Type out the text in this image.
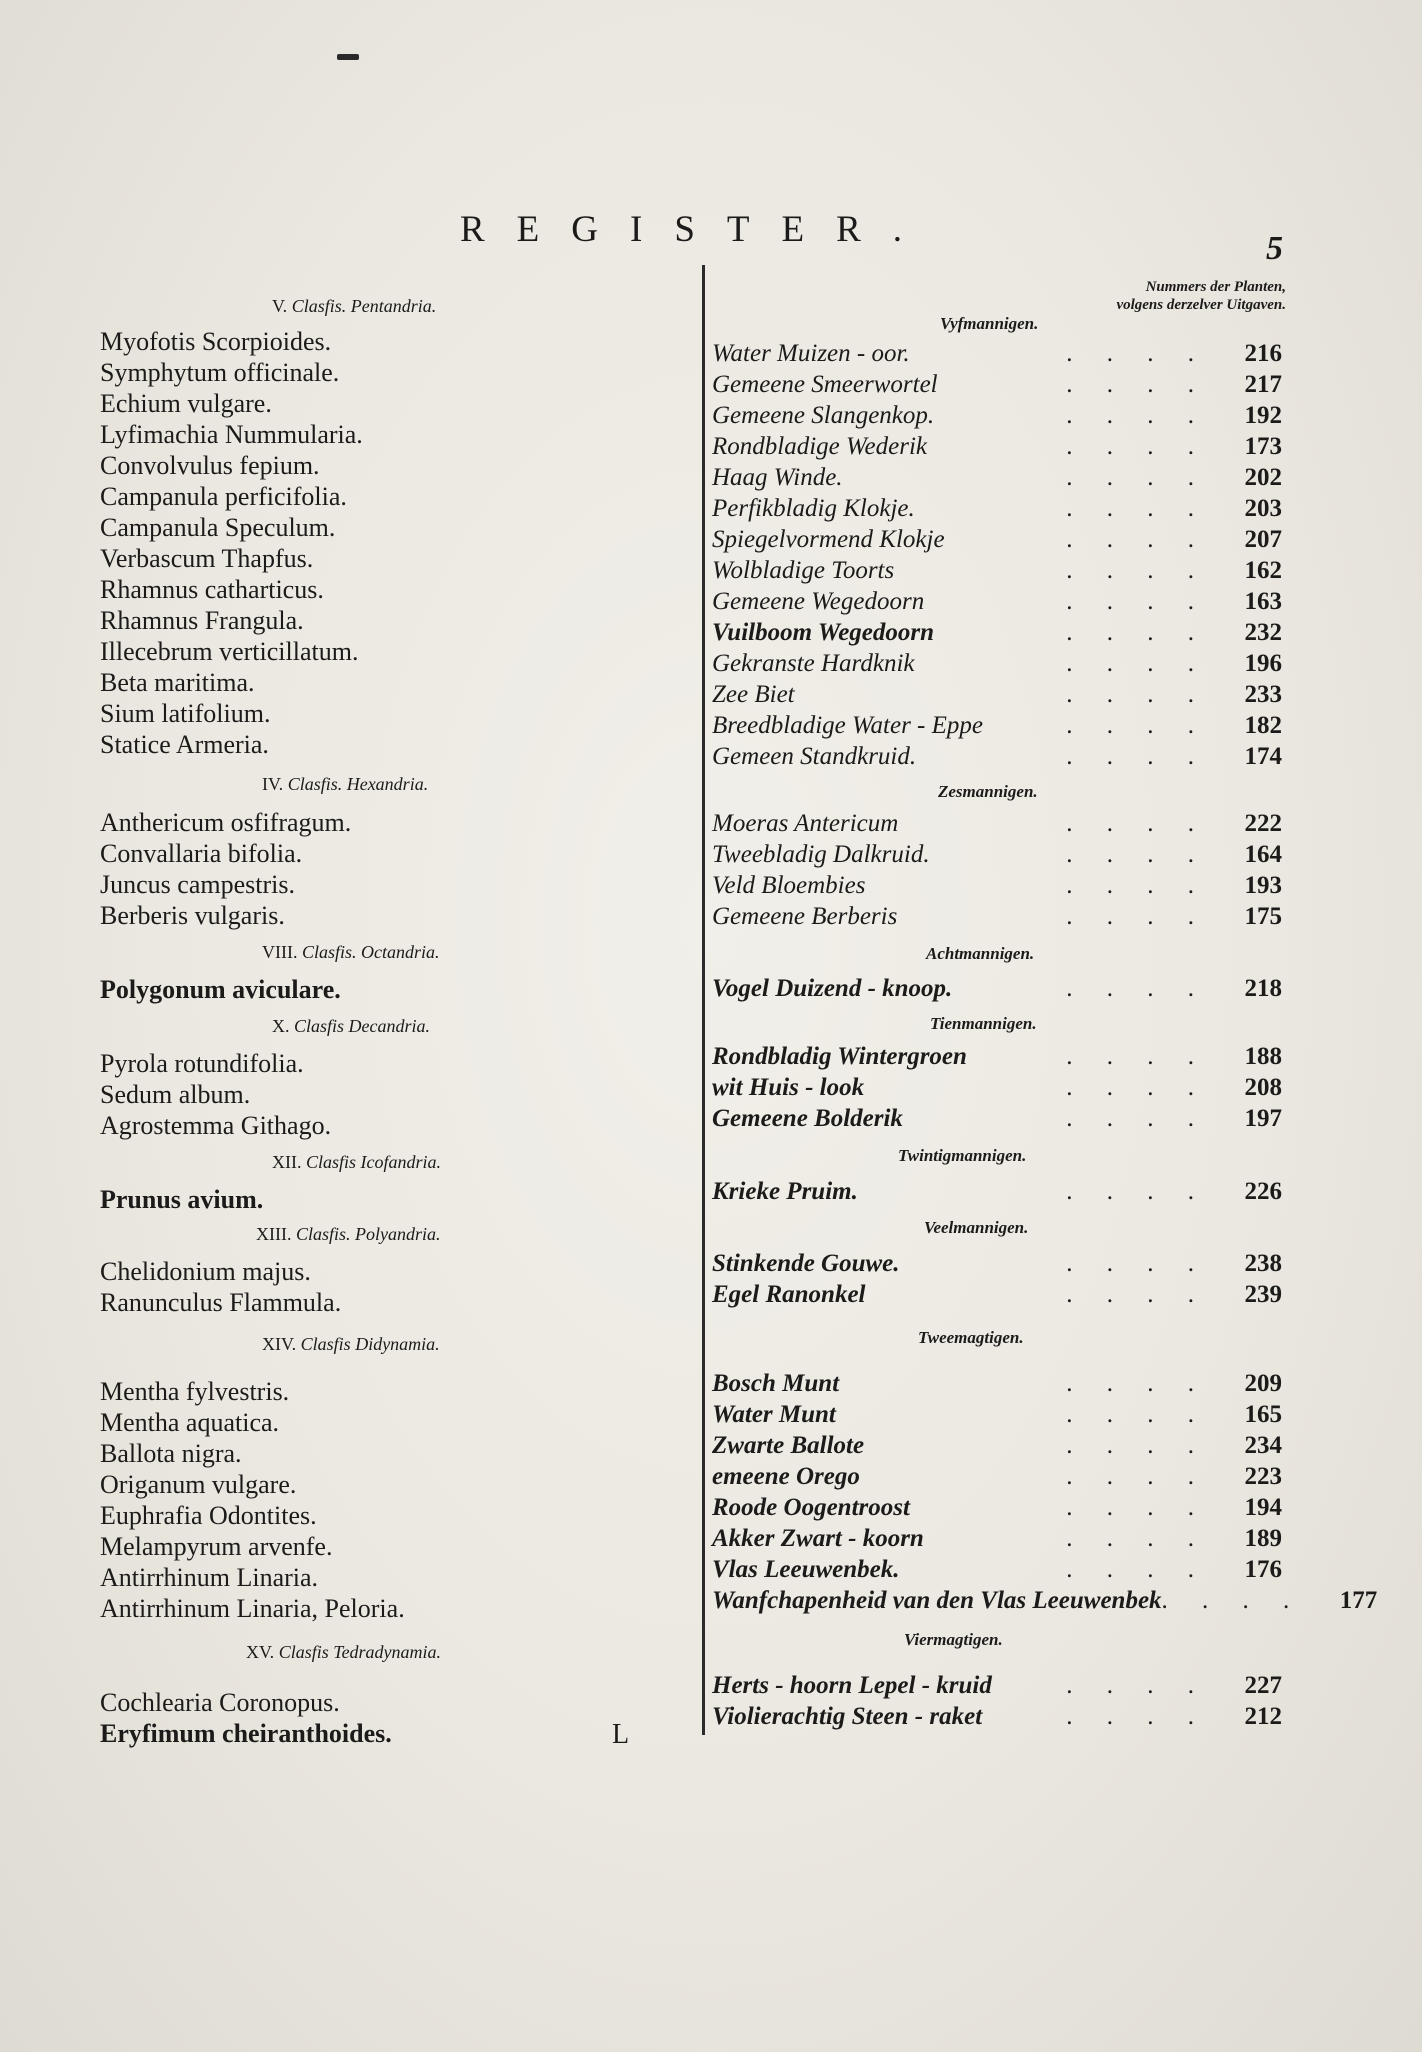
REGISTER.	5
Nummers der Planten,
volgens derzelver Uitgaven.
V. Clasfis. Pentandria.
Myofotis Scorpioides.
Symphytum officinale.
Echium vulgare.
Lyfimachia Nummularia.
Convolvulus fepium.
Campanula perficifolia.
Campanula Speculum.
Verbascum Thapfus.
Rhamnus catharticus.
Rhamnus Frangula.
Illecebrum verticillatum.
Beta maritima.
Sium latifolium.
Statice Armeria.
IV. Clasfis. Hexandria.
Anthericum osfifragum.
Convallaria bifolia.
Juncus campestris.
Berberis vulgaris.
VIII. Clasfis. Octandria.
Polygonum aviculare.
X. Clasfis Decandria.
Pyrola rotundifolia.
Sedum album.
Agrostemma Githago.
XII. Clasfis Icofandria.
Prunus avium.
XIII. Clasfis. Polyandria.
Chelidonium majus.
Ranunculus Flammula.
XIV. Clasfis Didynamia.
Mentha fylvestris.
Mentha aquatica.
Ballota nigra.
Origanum vulgare.
Euphrafia Odontites.
Melampyrum arvenfe.
Antirrhinum Linaria.
Antirrhinum Linaria, Peloria.
XV. Clasfis Tedradynamia.
Cochlearia Coronopus.
Eryfimum cheiranthoides.	L
Vyfmannigen.
Water Muizen - oor.	. . . .	216
Gemeene Smeerwortel	. . . .	217
Gemeene Slangenkop.	. . . .	192
Rondbladige Wederik	. . . .	173
Haag Winde.	. . . .	202
Perfikbladig Klokje.	. . . .	203
Spiegelvormend Klokje	. . . .	207
Wolbladige Toorts	. . . .	162
Gemeene Wegedoorn	. . . .	163
Vuilboom Wegedoorn	. . . .	232
Gekranste Hardknik	. . . .	196
Zee Biet	. . . .	233
Breedbladige Water - Eppe	. . . .	182
Gemeen Standkruid.	. . . .	174
Zesmannigen.
Moeras Antericum	. . . .	222
Tweebladig Dalkruid.	. . . .	164
Veld Bloembies	. . . .	193
Gemeene Berberis	. . . .	175
Achtmannigen.
Vogel Duizend - knoop.	. . . .	218
Tienmannigen.
Rondbladig Wintergroen	. . . .	188
wit Huis - look	. . . .	208
Gemeene Bolderik	. . . .	197
Twintigmannigen.
Krieke Pruim.	. . . .	226
Veelmannigen.
Stinkende Gouwe.	. . . .	238
Egel Ranonkel	. . . .	239
Tweemagtigen.
Bosch Munt	. . . .	209
Water Munt	. . . .	165
Zwarte Ballote	. . . .	234
emeene Orego	. . . .	223
Roode Oogentroost	. . . .	194
Akker Zwart - koorn	. . . .	189
Vlas Leeuwenbek.	. . . .	176
Wanfchapenheid van den Vlas Leeuwenbek . . . .	177
Viermagtigen.
Herts - hoorn Lepel - kruid	. . . .	227
Violierachtig Steen - raket	. . . .	212
